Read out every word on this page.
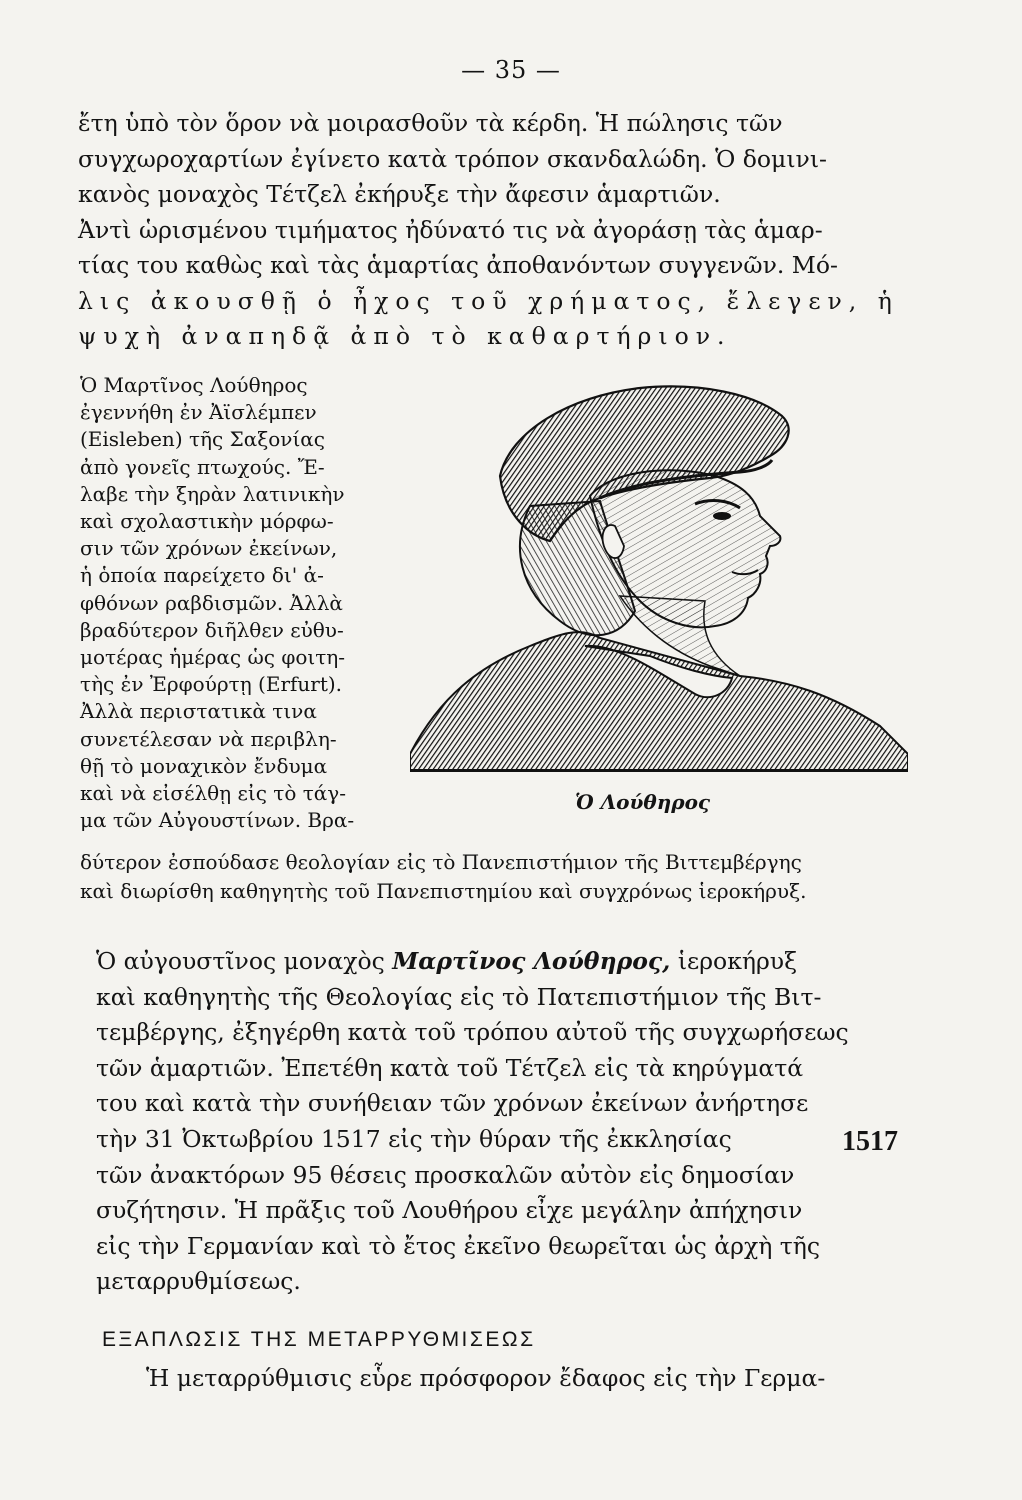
— 35 —
ἔτη ὑπὸ τὸν ὅρον νὰ μοιρασθοῦν τὰ κέρδη. Ἡ πώλησις τῶν
συγχωροχαρτίων ἐγίνετο κατὰ τρόπον σκανδαλώδη. Ὁ δομινι-
κανὸς μοναχὸς Τέτζελ ἐκήρυξε τὴν ἄφεσιν ἁμαρτιῶν.
Ἀντὶ ὡρισμένου τιμήματος ἠδύνατό τις νὰ ἀγοράσῃ τὰς ἁμαρ-
τίας του καθὼς καὶ τὰς ἁμαρτίας ἀποθανόντων συγγενῶν. Μό-
λις ἀκουσθῇ ὁ ἦχος τοῦ χρήματος, ἔλεγεν, ἡ
ψυχὴ ἀναπηδᾷ ἀπὸ τὸ καθαρτήριον.
Ὁ Μαρτῖνος Λούθηρος
ἐγεννήθη ἐν Ἀϊσλέμπεν
(Eisleben) τῆς Σαξονίας
ἀπὸ γονεῖς πτωχούς. Ἔ-
λαβε τὴν ξηρὰν λατινικὴν
καὶ σχολαστικὴν μόρφω-
σιν τῶν χρόνων ἐκείνων,
ἡ ὁποία παρείχετο δι' ἀ-
φθόνων ραβδισμῶν. Ἀλλὰ
βραδύτερον διῆλθεν εὐθυ-
μοτέρας ἡμέρας ὡς φοιτη-
τὴς ἐν Ἐρφούρτῃ (Erfurt).
Ἀλλὰ περιστατικὰ τινα
συνετέλεσαν νὰ περιβλη-
θῇ τὸ μοναχικὸν ἔνδυμα
καὶ νὰ εἰσέλθῃ εἰς τὸ τάγ-
μα τῶν Αὐγουστίνων. Βρα-
δύτερον ἐσπούδασε θεολογίαν εἰς τὸ Πανεπιστήμιον τῆς Βιττεμβέργης
καὶ διωρίσθη καθηγητὴς τοῦ Πανεπιστημίου καὶ συγχρόνως ἱεροκήρυξ.
Ὁ Λούθηρος
Ὁ αὐγουστῖνος μοναχὸς Μαρτῖνος Λούθηρος, ἱεροκήρυξ
καὶ καθηγητὴς τῆς Θεολογίας εἰς τὸ Πατεπιστήμιον τῆς Βιτ-
τεμβέργης, ἐξηγέρθη κατὰ τοῦ τρόπου αὐτοῦ τῆς συγχωρήσεως
τῶν ἁμαρτιῶν. Ἐπετέθη κατὰ τοῦ Τέτζελ εἰς τὰ κηρύγματά
του καὶ κατὰ τὴν συνήθειαν τῶν χρόνων ἐκείνων ἀνήρτησε
τὴν 31 Ὀκτωβρίου 1517 εἰς τὴν θύραν τῆς ἐκκλησίας
τῶν ἀνακτόρων 95 θέσεις προσκαλῶν αὐτὸν εἰς δημοσίαν
συζήτησιν. Ἡ πρᾶξις τοῦ Λουθήρου εἶχε μεγάλην ἀπήχησιν
εἰς τὴν Γερμανίαν καὶ τὸ ἔτος ἐκεῖνο θεωρεῖται ὡς ἀρχὴ τῆς
μεταρρυθμίσεως.
1517
ΕΞΑΠΛΩΣΙΣ ΤΗΣ ΜΕΤΑΡΡΥΘΜΙΣΕΩΣ
Ἡ μεταρρύθμισις εὗρε πρόσφορον ἔδαφος εἰς τὴν Γερμα-
